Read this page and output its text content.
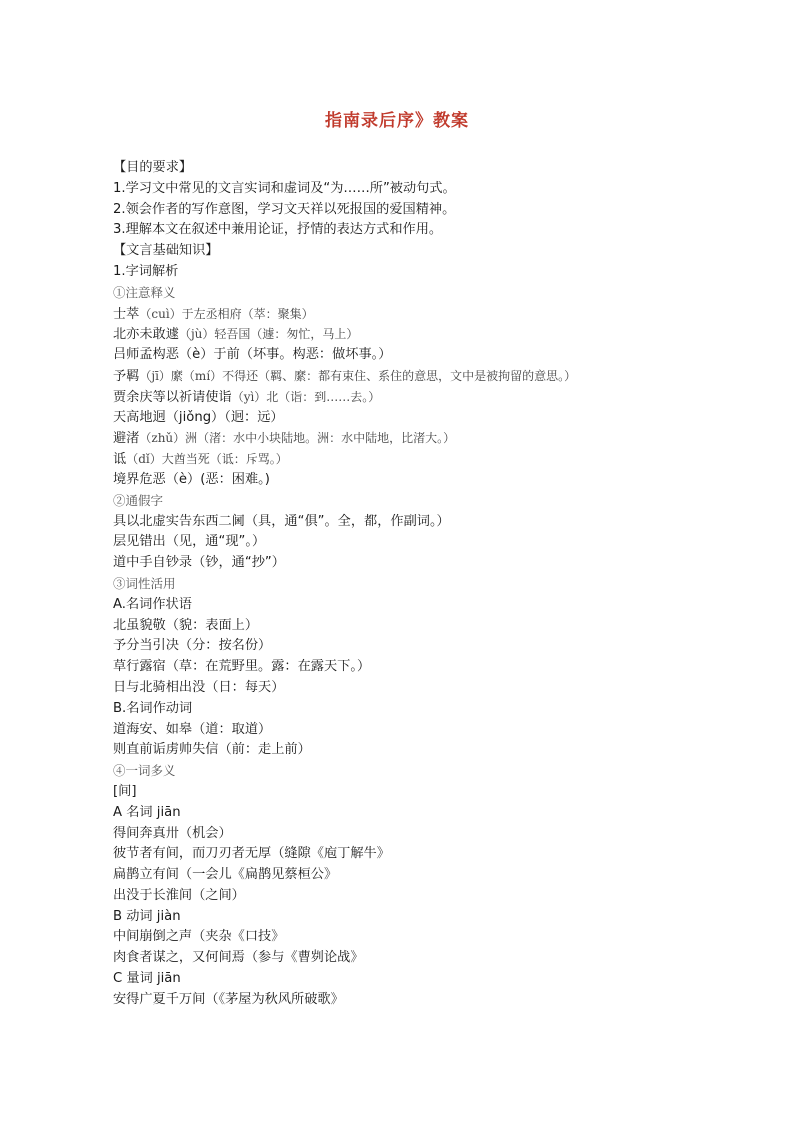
指南录后序》教案
【目的要求】
1.学习文中常见的文言实词和虚词及“为……所”被动句式。
2.领会作者的写作意图，学习文天祥以死报国的爱国精神。
3.理解本文在叙述中兼用论证，抒情的表达方式和作用。
【文言基础知识】
1.字词解析
①注意释义
士萃（cuì）于左丞相府（萃：聚集）
北亦未敢遽（jù）轻吾国（遽：匆忙，马上）
吕师孟构恶（è）于前（坏事。构恶：做坏事。）
予羁（jī）縻（mí）不得还（羁、縻：都有束住、系住的意思，文中是被拘留的意思。）
贾余庆等以祈请使诣（yì）北（诣：到……去。）
天高地迥（jiǒng）（迥：远）
避渚（zhǔ）洲（渚：水中小块陆地。洲：水中陆地，比渚大。）
诋（dǐ）大酋当死（诋：斥骂。）
境界危恶（è）(恶：困难。)
②通假字
具以北虚实告东西二阃（具，通“俱”。全，都，作副词。）
层见错出（见，通“现”。）
道中手自钞录（钞，通“抄”）
③词性活用
A.名词作状语
北虽貌敬（貌：表面上）
予分当引决（分：按名份）
草行露宿（草：在荒野里。露：在露天下。）
日与北骑相出没（日：每天）
B.名词作动词
道海安、如皋（道：取道）
则直前诟虏帅失信（前：走上前）
④一词多义
[间]
A 名词 jiān
得间奔真卅（机会）
彼节者有间，而刀刃者无厚（缝隙《庖丁解牛》
扁鹊立有间（一会儿《扁鹊见蔡桓公》
出没于长淮间（之间）
B 动词 jiàn
中间崩倒之声（夹杂《口技》
肉食者谋之，又何间焉（参与《曹刿论战》
C 量词 jiān
安得广夏千万间（《茅屋为秋风所破歌》
